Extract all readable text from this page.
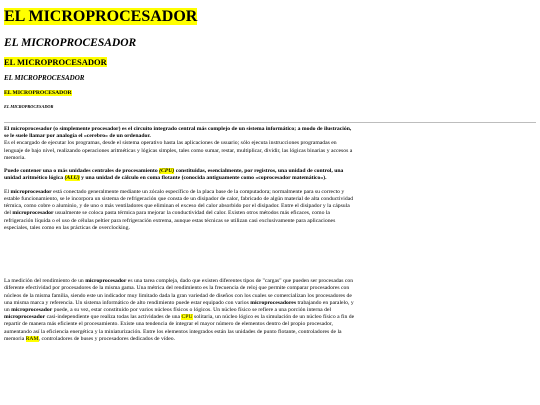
EL MICROPROCESADOR
EL MICROPROCESADOR
EL MICROPROCESADOR
EL MICROPROCESADOR
EL MICROPROCESADOR
EL MICROPROCESADOR

El microprocesador (o simplemente procesador) es el circuito integrado central más complejo de un sistema informático; a modo de ilustración, se le suele llamar por analogía el «cerebro» de un ordenador.
Es el encargado de ejecutar los programas, desde el sistema operativo hasta las aplicaciones de usuario; sólo ejecuta instrucciones programadas en lenguaje de bajo nivel, realizando operaciones aritméticas y lógicas simples, tales como sumar, restar, multiplicar, dividir, las lógicas binarias y accesos a memoria.

Puede contener una o más unidades centrales de procesamiento (CPU) constituidas, esencialmente, por registros, una unidad de control, una unidad aritmético lógica (ALU) y una unidad de cálculo en coma flotante (conocida antiguamente como «coprocesador matemático»).

El microprocesador está conectado generalmente mediante un zócalo específico de la placa base de la computadora; normalmente para su correcto y estable funcionamiento, se le incorpora un sistema de refrigeración que consta de un disipador de calor, fabricado de algún material de alta conductividad térmica, como cobre o aluminio, y de uno o más ventiladores que eliminan el exceso del calor absorbido por el disipador. Entre el disipador y la cápsula del microprocesador usualmente se coloca pasta térmica para mejorar la conductividad del calor. Existen otros métodos más eficaces, como la refrigeración líquida o el uso de células peltier para refrigeración extrema, aunque estas técnicas se utilizan casi exclusivamente para aplicaciones especiales, tales como en las prácticas de overclocking.

La medición del rendimiento de un microprocesador es una tarea compleja, dado que existen diferentes tipos de "cargas" que pueden ser procesadas con diferente efectividad por procesadores de la misma gama. Una métrica del rendimiento es la frecuencia de reloj que permite comparar procesadores con núcleos de la misma familia, siendo este un indicador muy limitado dada la gran variedad de diseños con los cuales se comercializan los procesadores de una misma marca y referencia. Un sistema informático de alto rendimiento puede estar equipado con varios microprocesadores trabajando en paralelo, y un microprocesador puede, a su vez, estar constituido por varios núcleos físicos o lógicos. Un núcleo físico se refiere a una porción interna del microprocesador casi-independiente que realiza todas las actividades de una CPU solitaria, un núcleo lógico es la simulación de un núcleo físico a fin de repartir de manera más eficiente el procesamiento. Existe una tendencia de integrar el mayor número de elementos dentro del propio procesador, aumentando así la eficiencia energética y la miniaturización. Entre los elementos integrados están las unidades de punto flotante, controladores de la memoria RAM, controladores de buses y procesadores dedicados de vídeo.
